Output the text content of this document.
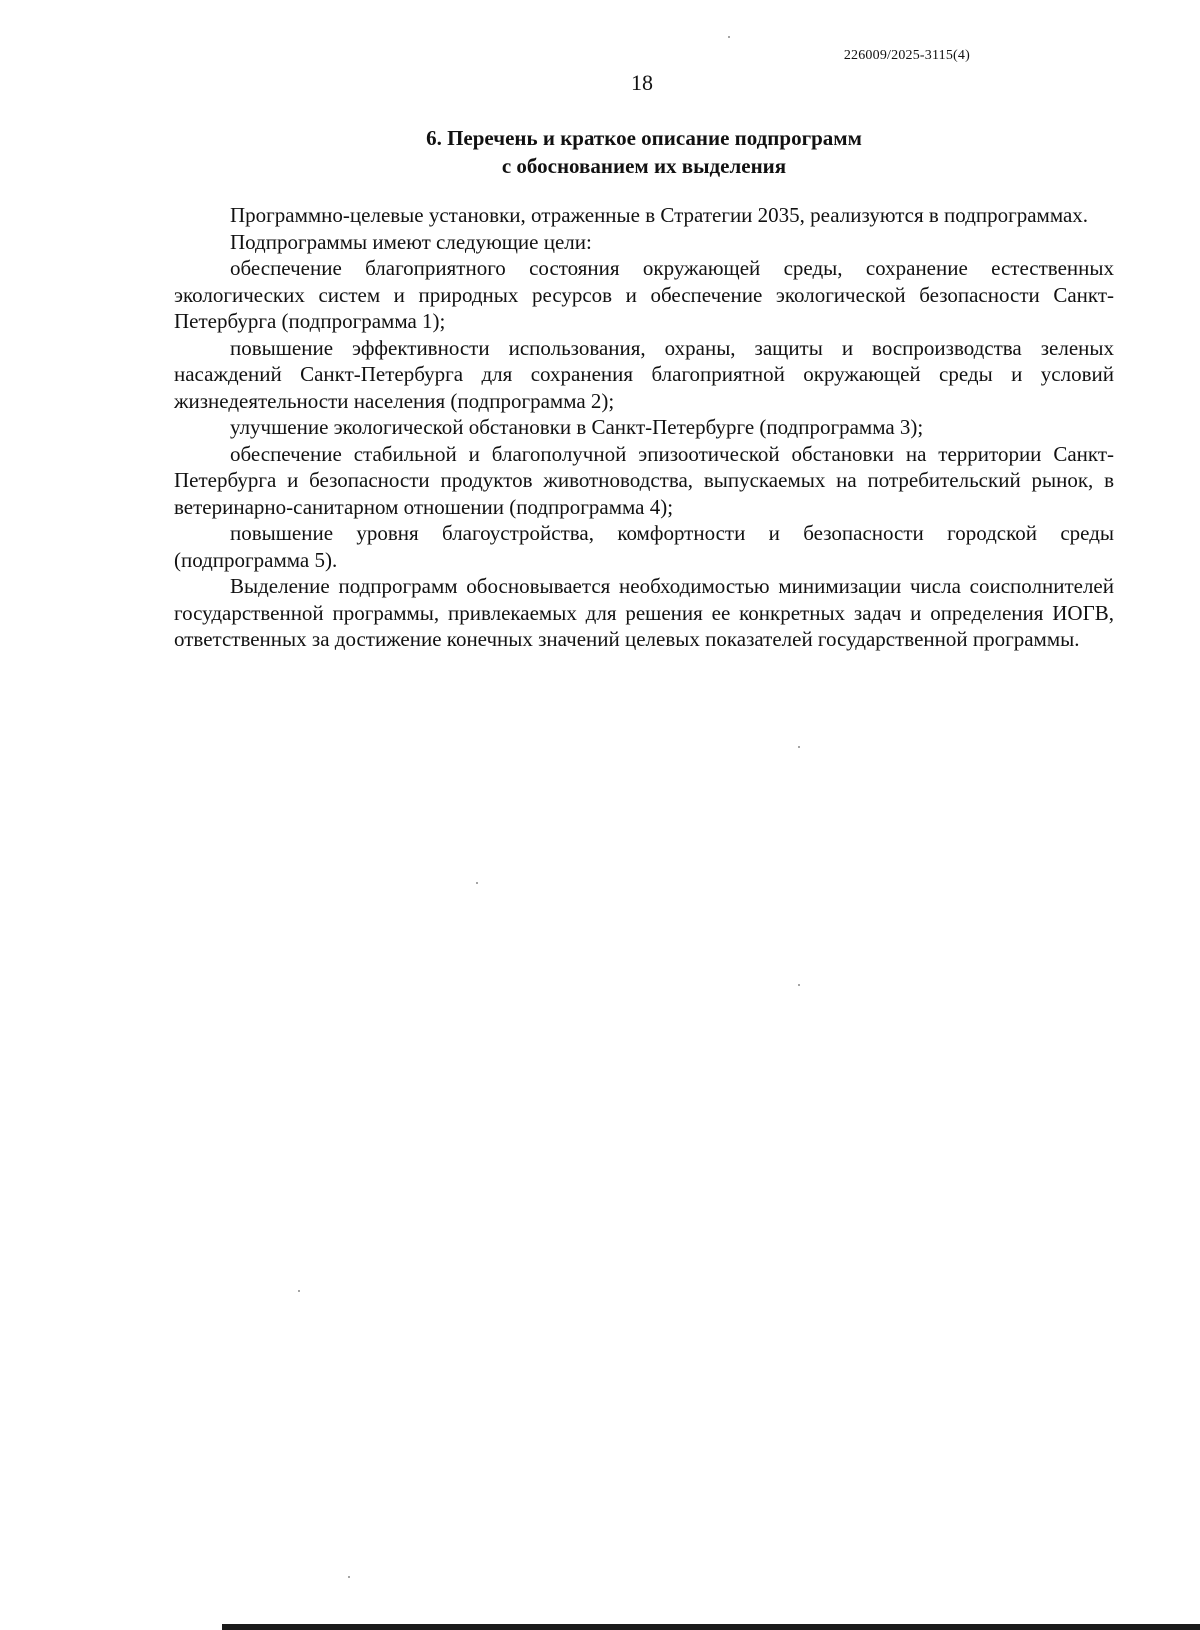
226009/2025-3115(4)
18
6. Перечень и краткое описание подпрограмм
с обоснованием их выделения

Программно-целевые установки, отраженные в Стратегии 2035, реализуются в подпрограммах.

Подпрограммы имеют следующие цели:

обеспечение благоприятного состояния окружающей среды, сохранение естественных экологических систем и природных ресурсов и обеспечение экологической безопасности Санкт-Петербурга (подпрограмма 1);

повышение эффективности использования, охраны, защиты и воспроизводства зеленых насаждений Санкт-Петербурга для сохранения благоприятной окружающей среды и условий жизнедеятельности населения (подпрограмма 2);

улучшение экологической обстановки в Санкт-Петербурге (подпрограмма 3);

обеспечение стабильной и благополучной эпизоотической обстановки на территории Санкт-Петербурга и безопасности продуктов животноводства, выпускаемых на потребительский рынок, в ветеринарно-санитарном отношении (подпрограмма 4);

повышение уровня благоустройства, комфортности и безопасности городской среды (подпрограмма 5).

Выделение подпрограмм обосновывается необходимостью минимизации числа соисполнителей государственной программы, привлекаемых для решения ее конкретных задач и определения ИОГВ, ответственных за достижение конечных значений целевых показателей государственной программы.
